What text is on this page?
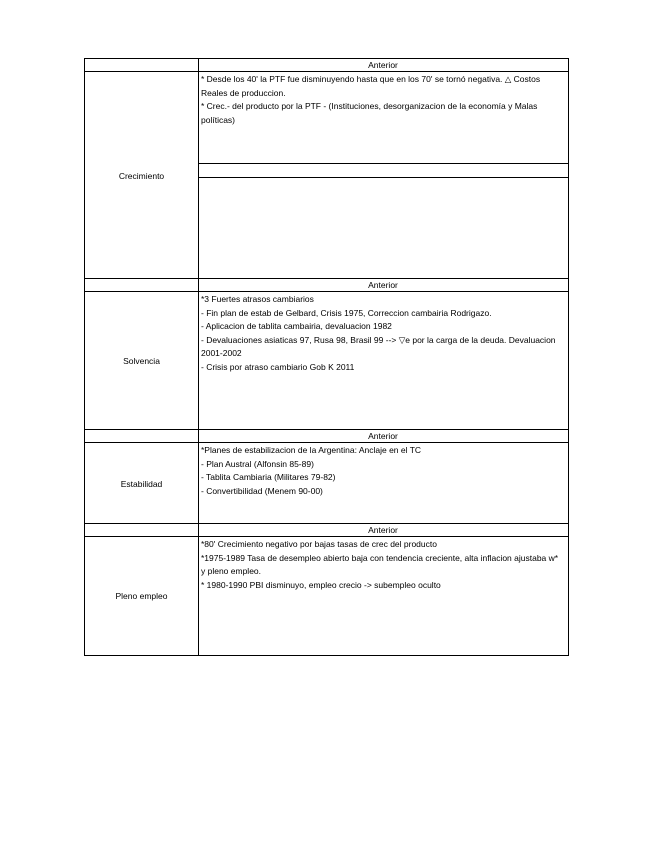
Anterior

* Desde los 40' la PTF fue disminuyendo hasta que en los 70' se tornó negativa. △ Costos Reales de produccion.

* Crec.- del producto por la PTF - (Instituciones, desorganizacion de la economía y Malas políticas)

Crecimiento
Anterior

*3 Fuertes atrasos cambiarios

- Fin plan de estab de Gelbard, Crisis 1975, Correccion cambairia Rodrigazo.

- Aplicacion de tablita cambairia, devaluacion 1982

- Devaluaciones asiaticas 97, Rusa 98, Brasil 99 --> ▽e por la carga de la deuda. Devaluacion 2001-2002

- Crisis por atraso cambiario Gob K 2011

Solvencia
Anterior

*Planes de estabilizacion de la Argentina: Anclaje en el TC

- Plan Austral (Alfonsin 85-89)

- Tablita Cambiaria (Militares 79-82)

- Convertibilidad (Menem 90-00)

Estabilidad
Anterior

*80' Crecimiento negativo por bajas tasas de crec del producto

*1975-1989 Tasa de desempleo abierto baja con tendencia creciente, alta inflacion ajustaba w* y pleno empleo.

* 1980-1990 PBI disminuyo, empleo crecio -> subempleo oculto

Pleno empleo
